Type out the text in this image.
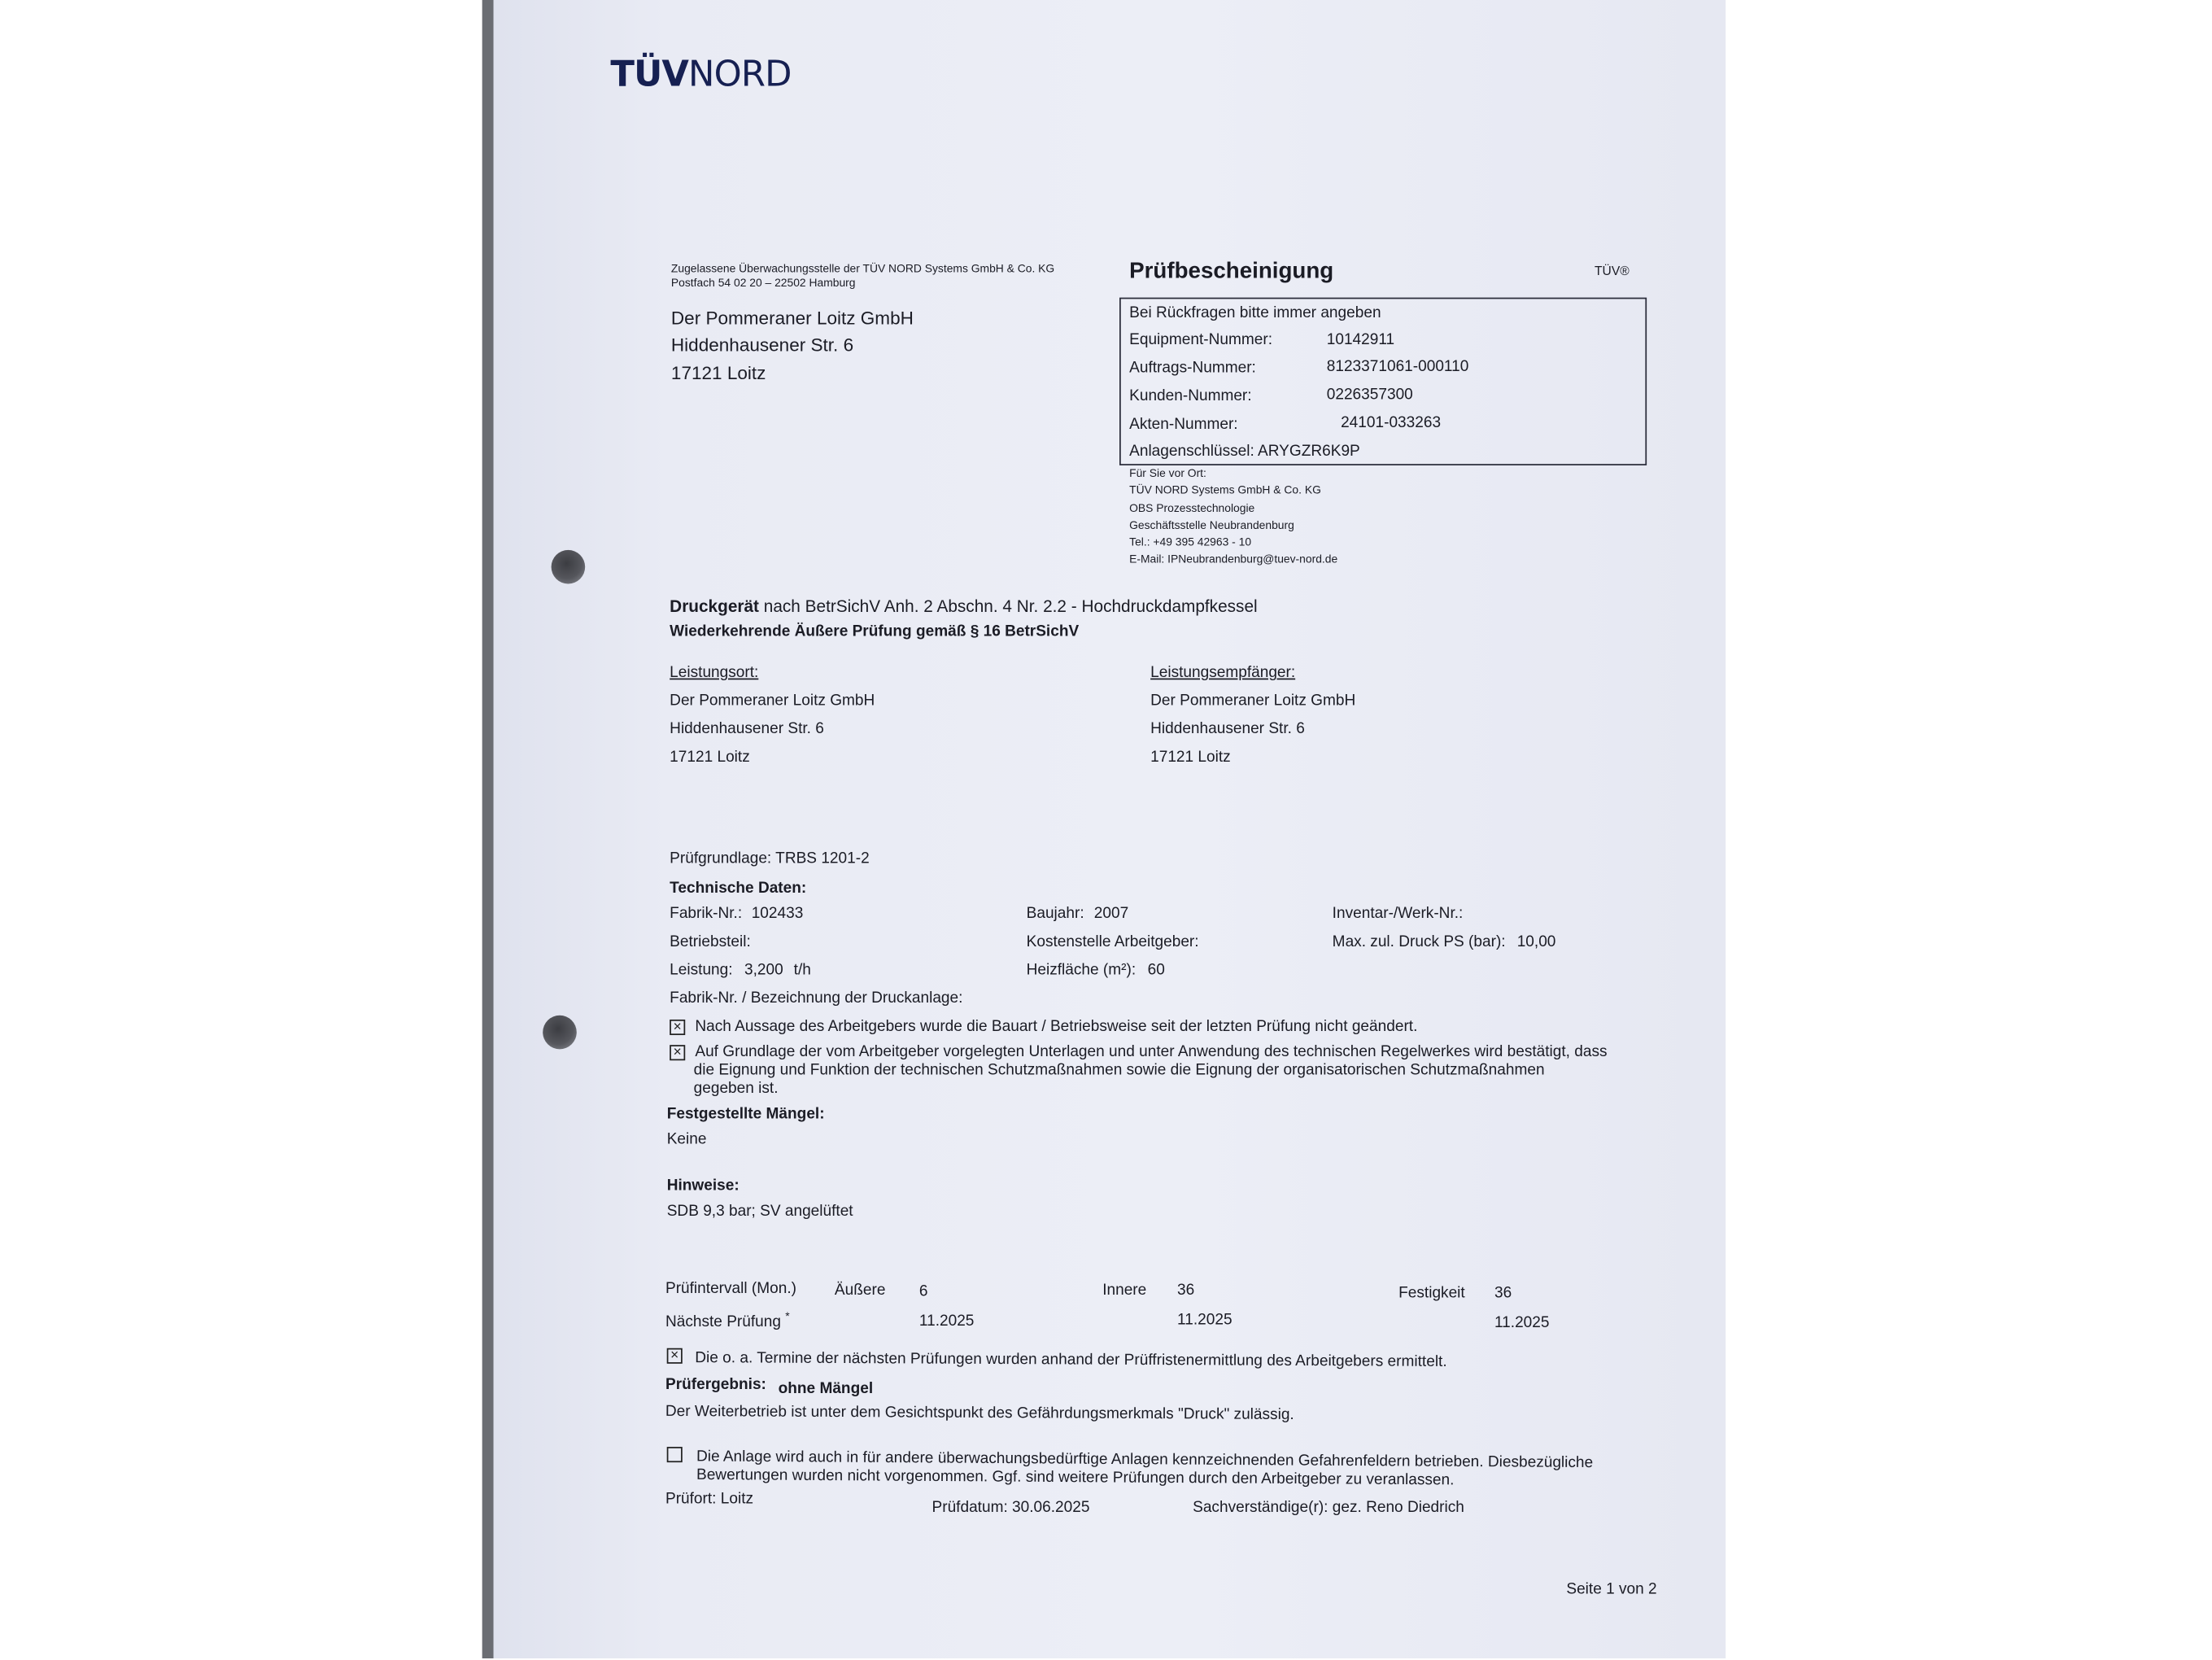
TÜVNORD
Zugelassene Überwachungsstelle der TÜV NORD Systems GmbH & Co. KG
Postfach 54 02 20 – 22502 Hamburg
Der Pommeraner Loitz GmbH
Hiddenhausener Str. 6
17121 Loitz
Prüfbescheinigung	TÜV®
Bei Rückfragen bitte immer angeben
Equipment-Nummer:	10142911
Auftrags-Nummer:	8123371061-000110
Kunden-Nummer:	0226357300
Akten-Nummer:	24101-033263
Anlagenschlüssel: ARYGZR6K9P
Für Sie vor Ort:
TÜV NORD Systems GmbH & Co. KG
OBS Prozesstechnologie
Geschäftsstelle Neubrandenburg
Tel.: +49 395 42963 - 10
E-Mail: IPNeubrandenburg@tuev-nord.de
Druckgerät nach BetrSichV Anh. 2 Abschn. 4 Nr. 2.2 - Hochdruckdampfkessel
Wiederkehrende Äußere Prüfung gemäß § 16 BetrSichV
Leistungsort:
Der Pommeraner Loitz GmbH
Hiddenhausener Str. 6
17121 Loitz
Leistungsempfänger:
Der Pommeraner Loitz GmbH
Hiddenhausener Str. 6
17121 Loitz
Prüfgrundlage: TRBS 1201-2
Technische Daten:
Fabrik-Nr.: 102433	Baujahr: 2007	Inventar-/Werk-Nr.:
Betriebsteil:	Kostenstelle Arbeitgeber:	Max. zul. Druck PS (bar): 10,00
Leistung: 3,200 t/h	Heizfläche (m²): 60
Fabrik-Nr. / Bezeichnung der Druckanlage:
×	Nach Aussage des Arbeitgebers wurde die Bauart / Betriebsweise seit der letzten Prüfung nicht geändert.
×	Auf Grundlage der vom Arbeitgeber vorgelegten Unterlagen und unter Anwendung des technischen Regelwerkes wird bestätigt, dass
die Eignung und Funktion der technischen Schutzmaßnahmen sowie die Eignung der organisatorischen Schutzmaßnahmen
gegeben ist.
Festgestellte Mängel:
Keine
Hinweise:
SDB 9,3 bar; SV angelüftet
Prüfintervall (Mon.)	Äußere	6	Innere	36	Festigkeit	36
Nächste Prüfung *	11.2025	11.2025	11.2025
×	Die o. a. Termine der nächsten Prüfungen wurden anhand der Prüffristenermittlung des Arbeitgebers ermittelt.
Prüfergebnis: ohne Mängel
Der Weiterbetrieb ist unter dem Gesichtspunkt des Gefährdungsmerkmals "Druck" zulässig.
Die Anlage wird auch in für andere überwachungsbedürftige Anlagen kennzeichnenden Gefahrenfeldern betrieben. Diesbezügliche
Bewertungen wurden nicht vorgenommen. Ggf. sind weitere Prüfungen durch den Arbeitgeber zu veranlassen.
Prüfort: Loitz
Prüfdatum: 30.06.2025	Sachverständige(r): gez. Reno Diedrich
Seite 1 von 2
